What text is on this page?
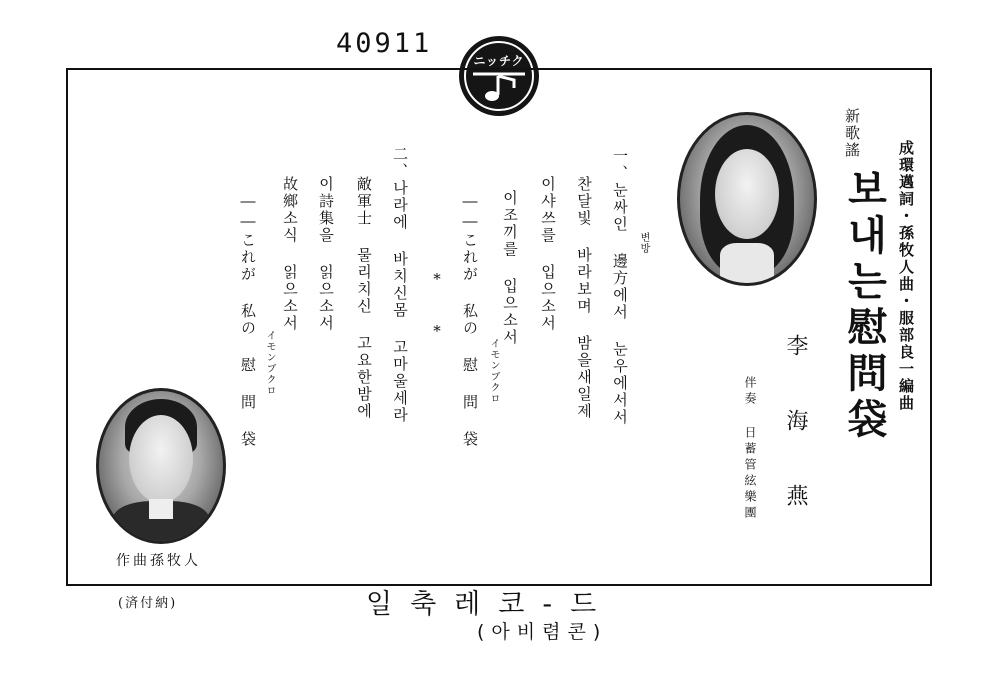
40911
ニッチク
成環邁詞・孫牧人曲・服部良一編曲
新歌謠
보내는慰問袋
李 海 燕
伴奏 日蓄管絃樂團
一、눈싸인 邊方에서 눈우에서서 변방
찬달빛 바라보며 밤을새일제
이샤쓰를 입으소서
이조끼를 입으소서
イモンブクロ
――これが 私の 慰 問 袋
* *
二、나라에 바치신몸 고마울세라
敵軍士 물리치신 고요한밤에
이詩集을 읽으소서
故鄉소식 읽으소서
イモンブクロ
――これが 私の 慰 問 袋
作曲孫牧人
(済付納)	일축레코-드
(아비렴콘)
